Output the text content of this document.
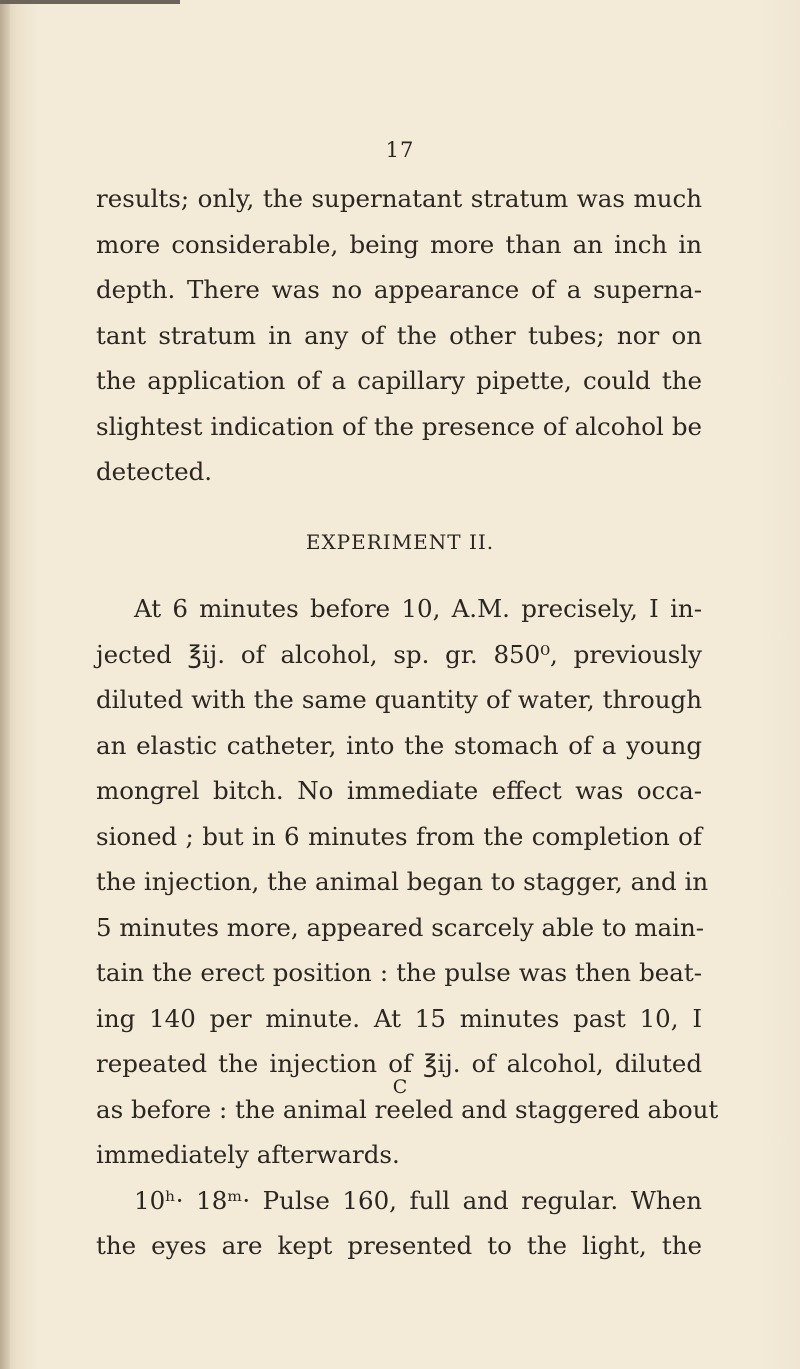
17
results; only, the supernatant stratum was much
more considerable, being more than an inch in
depth. There was no appearance of a superna-
tant stratum in any of the other tubes; nor on
the application of a capillary pipette, could the
slightest indication of the presence of alcohol be
detected.
EXPERIMENT II.
At 6 minutes before 10, A.M. precisely, I in-
jected ℥ij. of alcohol, sp. gr. 850⁰, previously
diluted with the same quantity of water, through
an elastic catheter, into the stomach of a young
mongrel bitch. No immediate effect was occa-
sioned ; but in 6 minutes from the completion of
the injection, the animal began to stagger, and in
5 minutes more, appeared scarcely able to main-
tain the erect position : the pulse was then beat-
ing 140 per minute. At 15 minutes past 10, I
repeated the injection of ℥ij. of alcohol, diluted
as before : the animal reeled and staggered about
immediately afterwards.
10ʰ· 18ᵐ· Pulse 160, full and regular. When
the eyes are kept presented to the light, the
C
